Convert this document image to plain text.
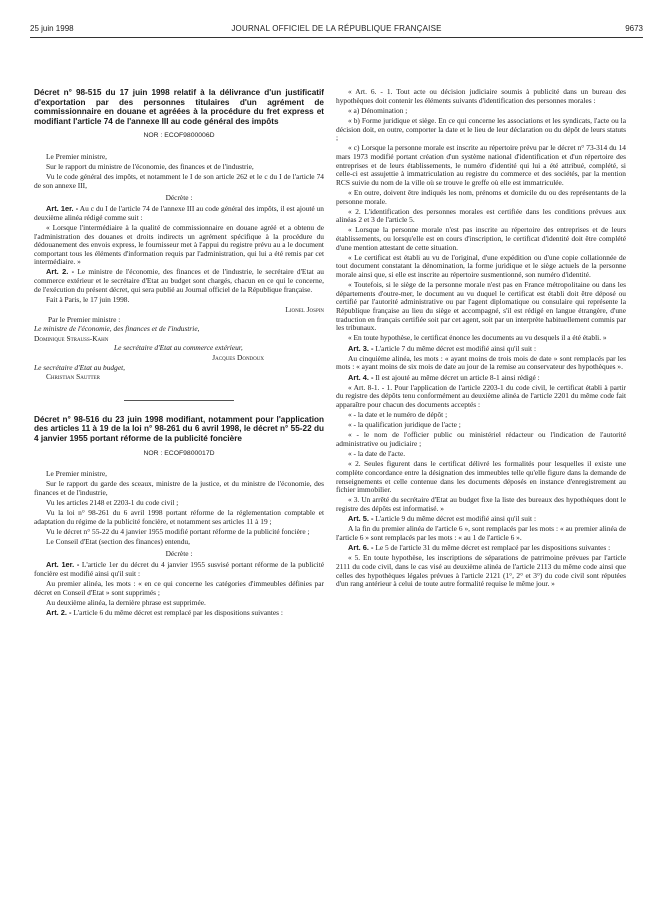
25 juin 1998	JOURNAL OFFICIEL DE LA RÉPUBLIQUE FRANÇAISE	9673

Décret n° 98-515 du 17 juin 1998 relatif à la délivrance d'un justificatif d'exportation par des personnes titulaires d'un agrément de commissionnaire en douane et agréées à la procédure du fret express et modifiant l'article 74 de l'annexe III au code général des impôts

NOR : ECOF9800006D

Le Premier ministre,

Sur le rapport du ministre de l'économie, des finances et de l'industrie,

Vu le code général des impôts, et notamment le I de son article 262 et le c du I de l'article 74 de son annexe III,

Décrète :

Art. 1er. - Au c du I de l'article 74 de l'annexe III au code général des impôts, il est ajouté un deuxième alinéa rédigé comme suit :

« Lorsque l'intermédiaire à la qualité de commissionnaire en douane agréé et a obtenu de l'administration des douanes et droits indirects un agrément spécifique à la procédure du dédouanement des envois express, le fournisseur met à l'appui du registre prévu au a le document comportant tous les éléments d'information requis par l'administration, qui lui a été remis par cet intermédiaire. »

Art. 2. - Le ministre de l'économie, des finances et de l'industrie, le secrétaire d'Etat au commerce extérieur et le secrétaire d'Etat au budget sont chargés, chacun en ce qui le concerne, de l'exécution du présent décret, qui sera publié au Journal officiel de la République française.

Fait à Paris, le 17 juin 1998.

Lionel Jospin

Par le Premier ministre :

Le ministre de l'économie, des finances et de l'industrie,

Dominique Strauss-Kahn

Le secrétaire d'Etat au commerce extérieur,

Jacques Dondoux

Le secrétaire d'Etat au budget,

Christian Sautter

Décret n° 98-516 du 23 juin 1998 modifiant, notamment pour l'application des articles 11 à 19 de la loi n° 98-261 du 6 avril 1998, le décret n° 55-22 du 4 janvier 1955 portant réforme de la publicité foncière

NOR : ECOF9800017D

Le Premier ministre,

Sur le rapport du garde des sceaux, ministre de la justice, et du ministre de l'économie, des finances et de l'industrie,

Vu les articles 2148 et 2203-1 du code civil ;

Vu la loi n° 98-261 du 6 avril 1998 portant réforme de la réglementation comptable et adaptation du régime de la publicité foncière, et notamment ses articles 11 à 19 ;

Vu le décret n° 55-22 du 4 janvier 1955 modifié portant réforme de la publicité foncière ;

Le Conseil d'Etat (section des finances) entendu,

Décrète :

Art. 1er. - L'article 1er du décret du 4 janvier 1955 susvisé portant réforme de la publicité foncière est modifié ainsi qu'il suit :

Au premier alinéa, les mots : « en ce qui concerne les catégories d'immeubles définies par décret en Conseil d'Etat » sont supprimés ;

Au deuxième alinéa, la dernière phrase est supprimée.

Art. 2. - L'article 6 du même décret est remplacé par les dispositions suivantes :

« Art. 6. - 1. Tout acte ou décision judiciaire soumis à publicité dans un bureau des hypothèques doit contenir les éléments suivants d'identification des personnes morales :

« a) Dénomination ;

« b) Forme juridique et siège. En ce qui concerne les associations et les syndicats, l'acte ou la décision doit, en outre, comporter la date et le lieu de leur déclaration ou du dépôt de leurs statuts ;

« c) Lorsque la personne morale est inscrite au répertoire prévu par le décret n° 73-314 du 14 mars 1973 modifié portant création d'un système national d'identification et d'un répertoire des entreprises et de leurs établissements, le numéro d'identité qui lui a été attribué, complété, si celle-ci est assujettie à immatriculation au registre du commerce et des sociétés, par la mention RCS suivie du nom de la ville où se trouve le greffe où elle est immatriculée.

« En outre, doivent être indiqués les nom, prénoms et domicile du ou des représentants de la personne morale.

« 2. L'identification des personnes morales est certifiée dans les conditions prévues aux alinéas 2 et 3 de l'article 5.

« Lorsque la personne morale n'est pas inscrite au répertoire des entreprises et de leurs établissements, ou lorsqu'elle est en cours d'inscription, le certificat d'identité doit être complété d'une mention attestant de cette situation.

« Le certificat est établi au vu de l'original, d'une expédition ou d'une copie collationnée de tout document constatant la dénomination, la forme juridique et le siège actuels de la personne morale ainsi que, si elle est inscrite au répertoire susmentionné, son numéro d'identité.

« Toutefois, si le siège de la personne morale n'est pas en France métropolitaine ou dans les départements d'outre-mer, le document au vu duquel le certificat est établi doit être déposé ou certifié par l'autorité administrative ou par l'agent diplomatique ou consulaire qui représente la République française au lieu du siège et accompagné, s'il est rédigé en langue étrangère, d'une traduction en français certifiée soit par cet agent, soit par un interprète habituellement commis par les tribunaux.

« En toute hypothèse, le certificat énonce les documents au vu desquels il a été établi. »

Art. 3. - L'article 7 du même décret est modifié ainsi qu'il suit :

Au cinquième alinéa, les mots : « ayant moins de trois mois de date » sont remplacés par les mots : « ayant moins de six mois de date au jour de la remise au conservateur des hypothèques ».

Art. 4. - Il est ajouté au même décret un article 8-1 ainsi rédigé :

« Art. 8-1. - 1. Pour l'application de l'article 2203-1 du code civil, le certificat établi à partir du registre des dépôts tenu conformément au deuxième alinéa de l'article 2201 du même code fait apparaître pour chacun des documents acceptés :

« - la date et le numéro de dépôt ;

« - la qualification juridique de l'acte ;

« - le nom de l'officier public ou ministériel rédacteur ou l'indication de l'autorité administrative ou judiciaire ;

« - la date de l'acte.

« 2. Seules figurent dans le certificat délivré les formalités pour lesquelles il existe une complète concordance entre la désignation des immeubles telle qu'elle figure dans la demande de renseignements et celle contenue dans les documents déposés en instance d'enregistrement au fichier immobilier.

« 3. Un arrêté du secrétaire d'Etat au budget fixe la liste des bureaux des hypothèques dont le registre des dépôts est informatisé. »

Art. 5. - L'article 9 du même décret est modifié ainsi qu'il suit :

A la fin du premier alinéa de l'article 6 », sont remplacés par les mots : « au premier alinéa de l'article 6 » sont remplacés par les mots : « au 1 de l'article 6 ».

Art. 6. - Le 5 de l'article 31 du même décret est remplacé par les dispositions suivantes :

« 5. En toute hypothèse, les inscriptions de séparations de patrimoine prévues par l'article 2111 du code civil, dans le cas visé au deuxième alinéa de l'article 2113 du même code ainsi que celles des hypothèques légales prévues à l'article 2121 (1°, 2° et 3°) du code civil sont réputées d'un rang antérieur à celui de toute autre formalité requise le même jour. »
